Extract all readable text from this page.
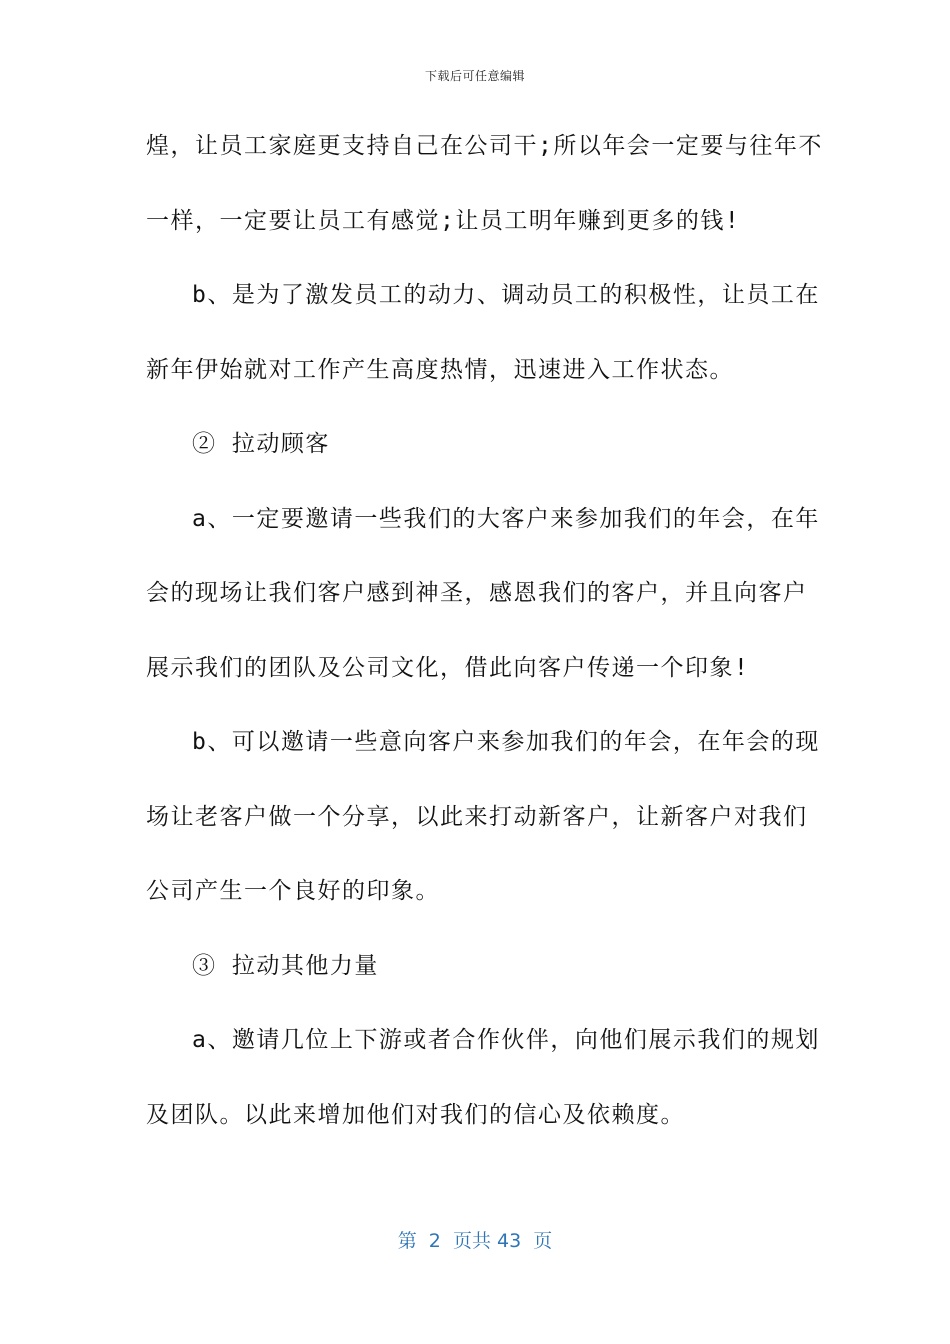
下载后可任意编辑
煌，让员工家庭更支持自己在公司干;所以年会一定要与往年不
一样，一定要让员工有感觉;让员工明年赚到更多的钱!
b、是为了激发员工的动力、调动员工的积极性，让员工在
新年伊始就对工作产生高度热情，迅速进入工作状态。
② 拉动顾客
a、一定要邀请一些我们的大客户来参加我们的年会，在年
会的现场让我们客户感到神圣，感恩我们的客户，并且向客户
展示我们的团队及公司文化，借此向客户传递一个印象!
b、可以邀请一些意向客户来参加我们的年会，在年会的现
场让老客户做一个分享，以此来打动新客户，让新客户对我们
公司产生一个良好的印象。
③ 拉动其他力量
a、邀请几位上下游或者合作伙伴，向他们展示我们的规划
及团队。以此来增加他们对我们的信心及依赖度。
第  2  页共 43  页
